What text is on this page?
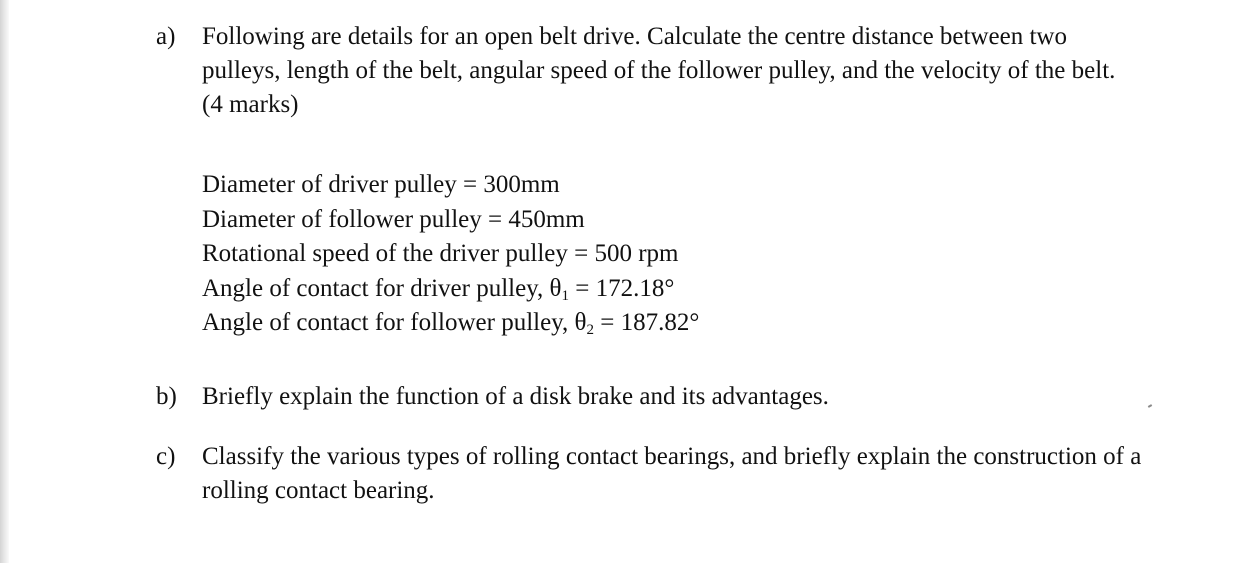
a) Following are details for an open belt drive. Calculate the centre distance between two
pulleys, length of the belt, angular speed of the follower pulley, and the velocity of the belt.
(4 marks)
Diameter of driver pulley = 300mm
Diameter of follower pulley = 450mm
Rotational speed of the driver pulley = 500 rpm
Angle of contact for driver pulley, $\theta_1 = 172.18^\circ$
Angle of contact for follower pulley, $\theta_2 = 187.82^\circ$
b) Briefly explain the function of a disk brake and its advantages.
c) Classify the various types of rolling contact bearings, and briefly explain the construction of a
rolling contact bearing.
